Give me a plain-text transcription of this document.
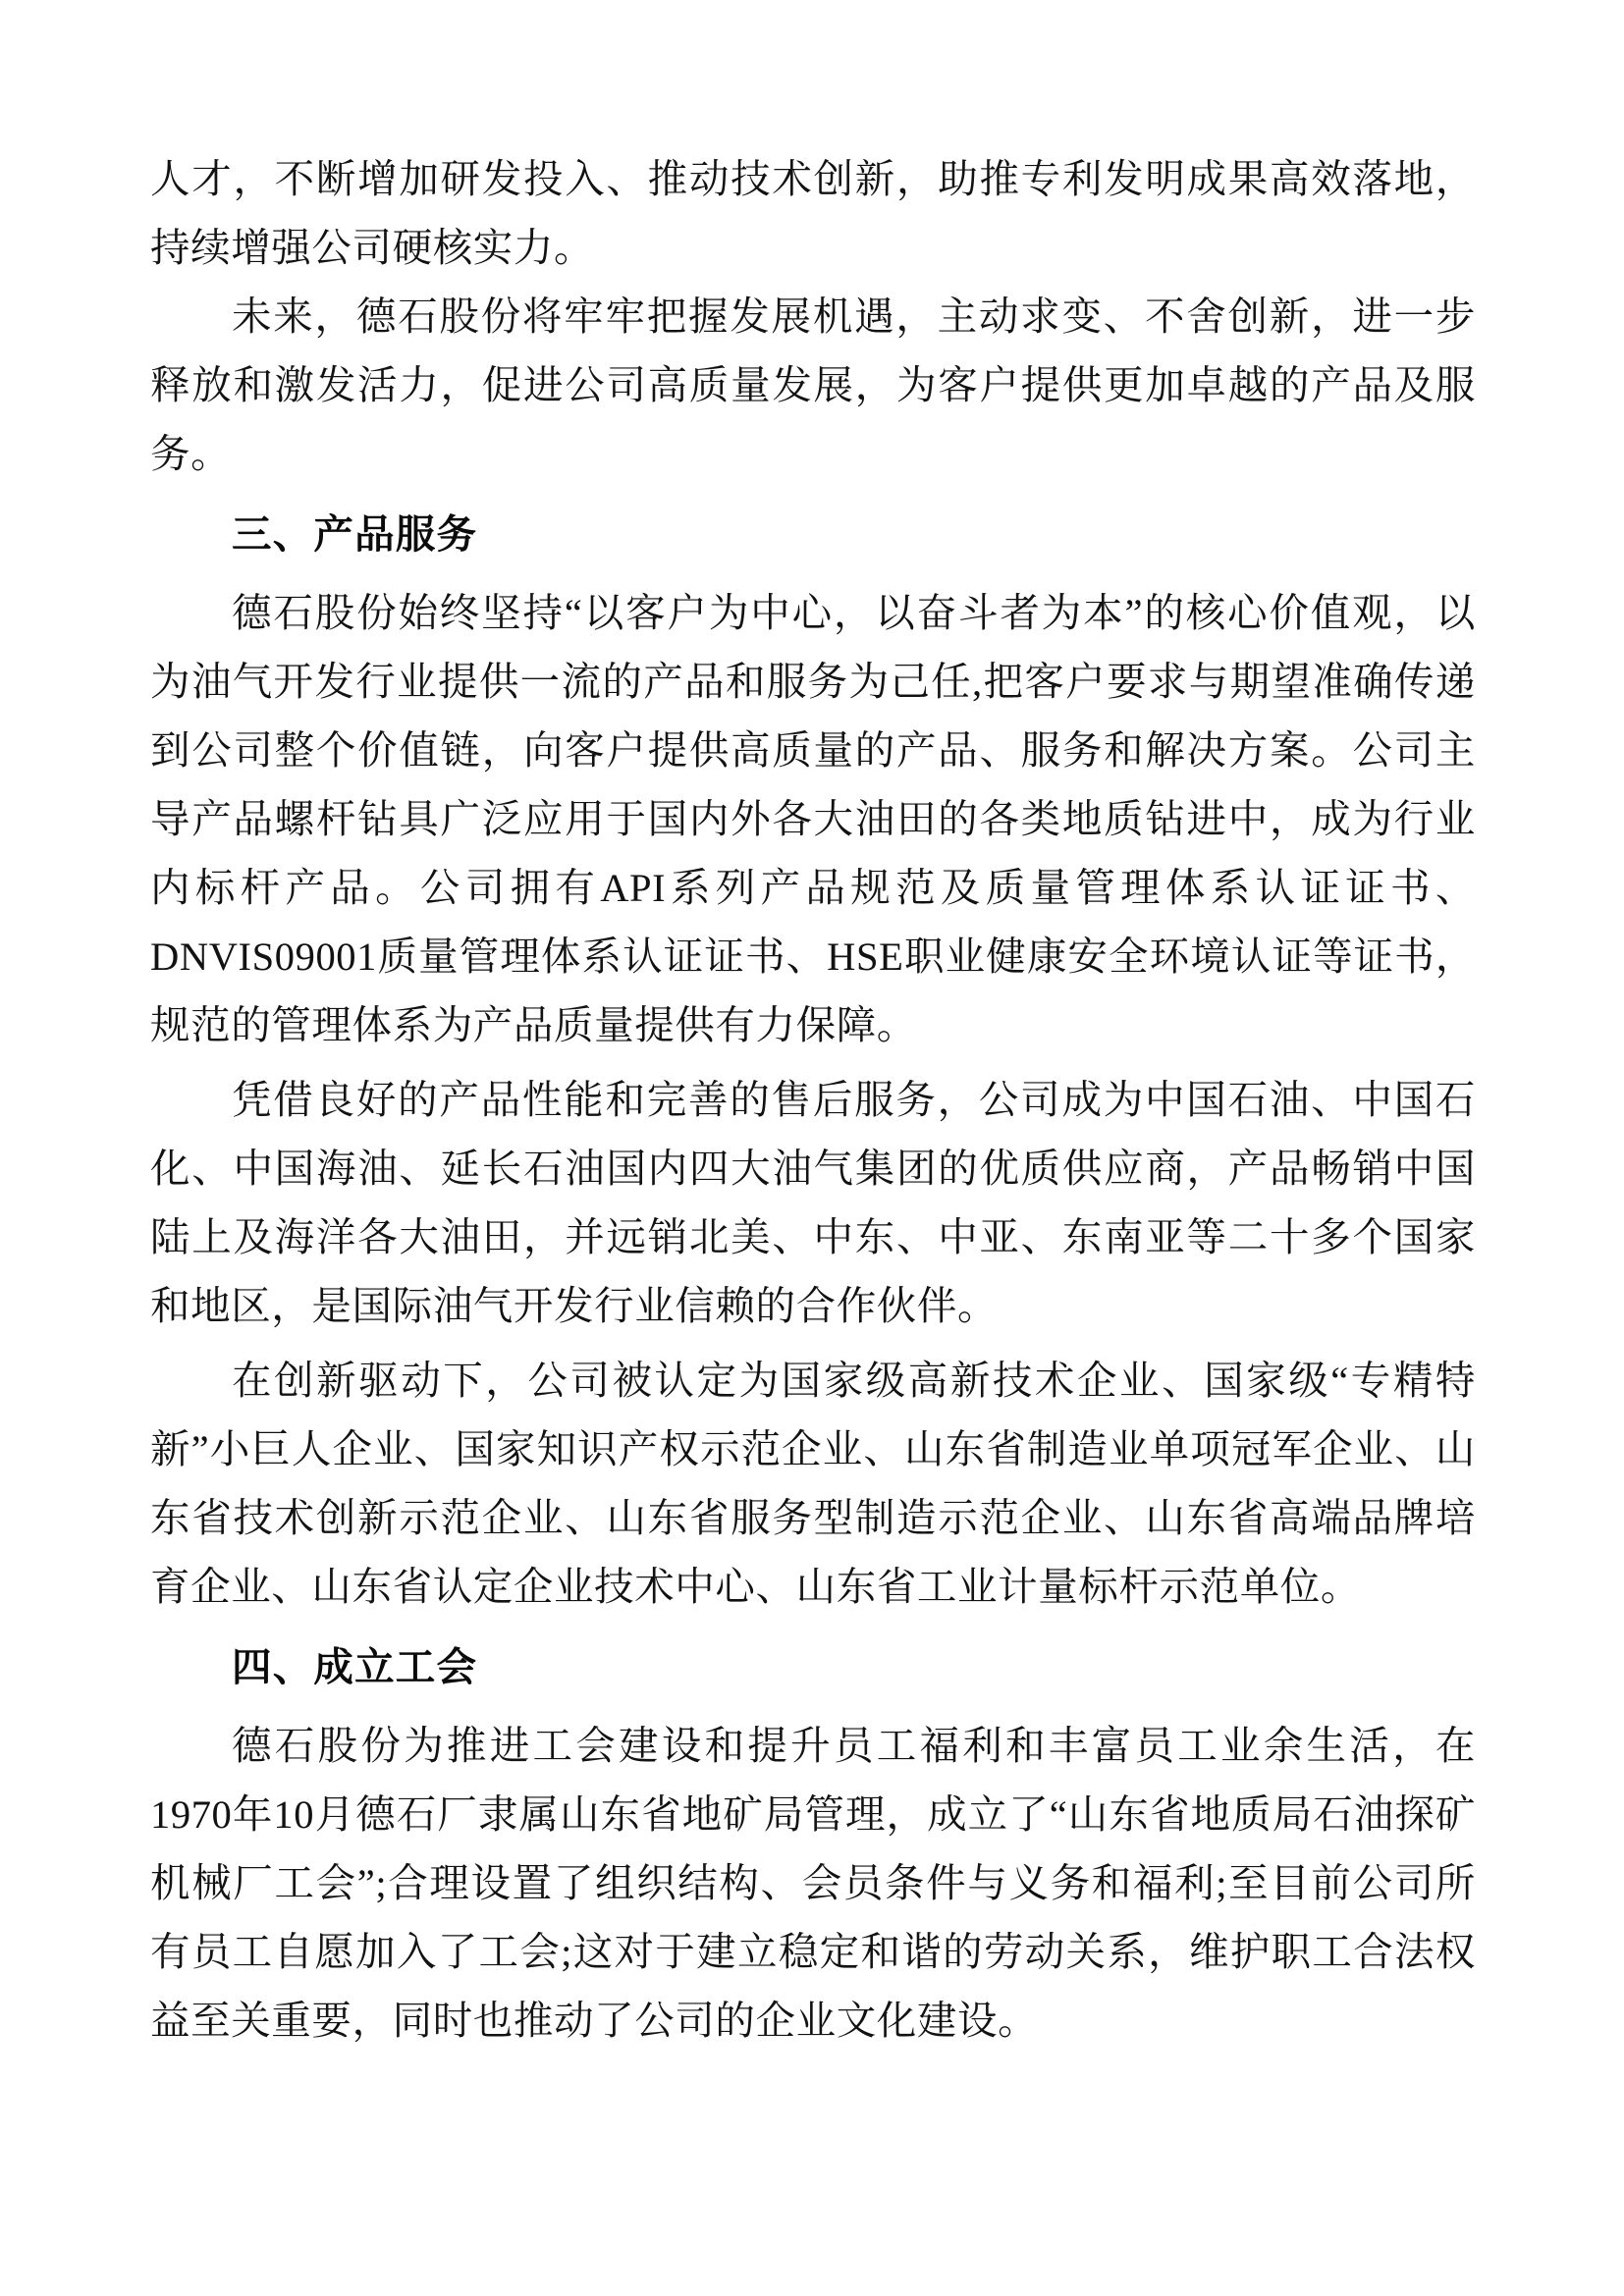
人才，不断增加研发投入、推动技术创新，助推专利发明成果高效落地，持续增强公司硬核实力。

未来，德石股份将牢牢把握发展机遇，主动求变、不舍创新，进一步释放和激发活力，促进公司高质量发展，为客户提供更加卓越的产品及服务。

三、产品服务

德石股份始终坚持“以客户为中心，以奋斗者为本”的核心价值观，以为油气开发行业提供一流的产品和服务为己任,把客户要求与期望准确传递到公司整个价值链，向客户提供高质量的产品、服务和解决方案。公司主导产品螺杆钻具广泛应用于国内外各大油田的各类地质钻进中，成为行业内标杆产品。公司拥有API系列产品规范及质量管理体系认证证书、DNVIS09001质量管理体系认证证书、HSE职业健康安全环境认证等证书，规范的管理体系为产品质量提供有力保障。

凭借良好的产品性能和完善的售后服务，公司成为中国石油、中国石化、中国海油、延长石油国内四大油气集团的优质供应商，产品畅销中国陆上及海洋各大油田，并远销北美、中东、中亚、东南亚等二十多个国家和地区，是国际油气开发行业信赖的合作伙伴。

在创新驱动下，公司被认定为国家级高新技术企业、国家级“专精特新”小巨人企业、国家知识产权示范企业、山东省制造业单项冠军企业、山东省技术创新示范企业、山东省服务型制造示范企业、山东省高端品牌培育企业、山东省认定企业技术中心、山东省工业计量标杆示范单位。

四、成立工会

德石股份为推进工会建设和提升员工福利和丰富员工业余生活，在1970年10月德石厂隶属山东省地矿局管理，成立了“山东省地质局石油探矿机械厂工会”;合理设置了组织结构、会员条件与义务和福利;至目前公司所有员工自愿加入了工会;这对于建立稳定和谐的劳动关系，维护职工合法权益至关重要，同时也推动了公司的企业文化建设。
